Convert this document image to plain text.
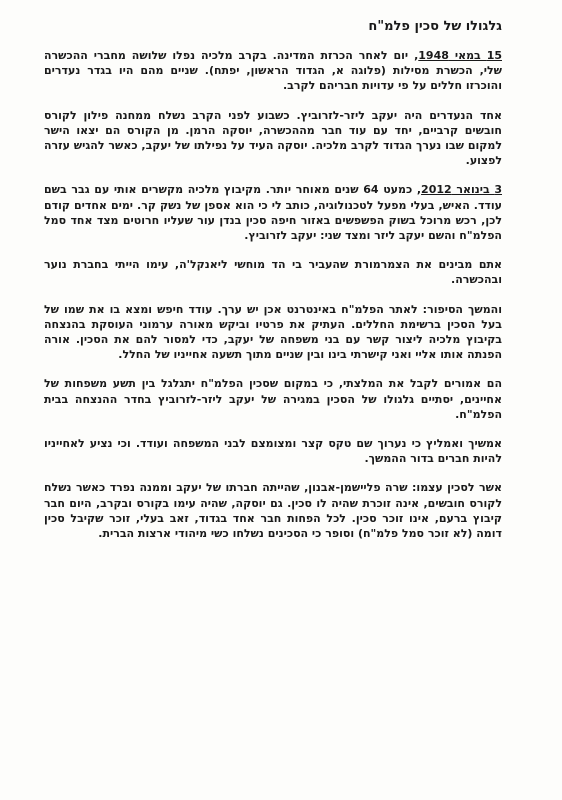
גלגולו של סכין פלמ"ח

15 במאי 1948, יום לאחר הכרזת המדינה. בקרב מלכיה נפלו שלושה מחברי ההכשרה שלי, הכשרת מסילות (פלוגה א, הגדוד הראשון, יפתח). שניים מהם היו בגדר נעדרים והוכרזו חללים על פי עדויות חבריהם לקרב.

אחד הנעדרים היה יעקב ליזר-לזרוביץ. כשבוע לפני הקרב נשלח ממחנה פילון לקורס חובשים קרביים, יחד עם עוד חבר מההכשרה, יוסקה הרמן. מן הקורס הם יצאו הישר למקום שבו נערך הגדוד לקרב מלכיה. יוסקה העיד על נפילתו של יעקב, כאשר להגיש עזרה לפצוע.

3 בינואר 2012, כמעט 64 שנים מאוחר יותר. מקיבוץ מלכיה מקשרים אותי עם גבר בשם עודד. האיש, בעלי מפעל לטכנולוגיה, כותב לי כי הוא אספן של נשק קר. ימים אחדים קודם לכן, רכש מרוכל בשוק הפשפשים באזור חיפה סכין בנדן עור שעליו חרוטים מצד אחד סמל הפלמ"ח והשם יעקב ליזר ומצד שני: יעקב לזרוביץ.

אתם מבינים את הצמרמורת שהעביר בי הד מוחשי ליאנקל'ה, עימו הייתי בחברת נוער ובהכשרה.

והמשך הסיפור: לאתר הפלמ"ח באינטרנט אכן יש ערך. עודד חיפש ומצא בו את שמו של בעל הסכין ברשימת החללים. העתיק את פרטיו וביקש מאורה ערמוני העוסקת בהנצחה בקיבוץ מלכיה ליצור קשר עם בני משפחה של יעקב, כדי למסור להם את הסכין. אורה הפנתה אותו אליי ואני קישרתי בינו ובין שניים מתוך תשעה אחייניו של החלל.

הם אמורים לקבל את המלצתי, כי במקום שסכין הפלמ"ח יתגלגל בין תשע משפחות של אחיינים, יסתיים גלגולו של הסכין במגירה של יעקב ליזר-לזרוביץ בחדר ההנצחה בבית הפלמ"ח.

אמשיך ואמליץ כי נערוך שם טקס קצר ומצומצם לבני המשפחה ועודד. וכי נציע לאחייניו להיות חברים בדור ההמשך.

אשר לסכין עצמו: שרה פליישמן-אבנון, שהייתה חברתו של יעקב וממנה נפרד כאשר נשלח לקורס חובשים, אינה זוכרת שהיה לו סכין. גם יוסקה, שהיה עימו בקורס ובקרב, היום חבר קיבוץ ברעם, אינו זוכר סכין. לכל הפחות חבר אחד בגדוד, זאב בעלי, זוכר שקיבל סכין דומה (לא זוכר סמל פלמ"ח) וסופר כי הסכינים נשלחו כשי מיהודי ארצות הברית.
